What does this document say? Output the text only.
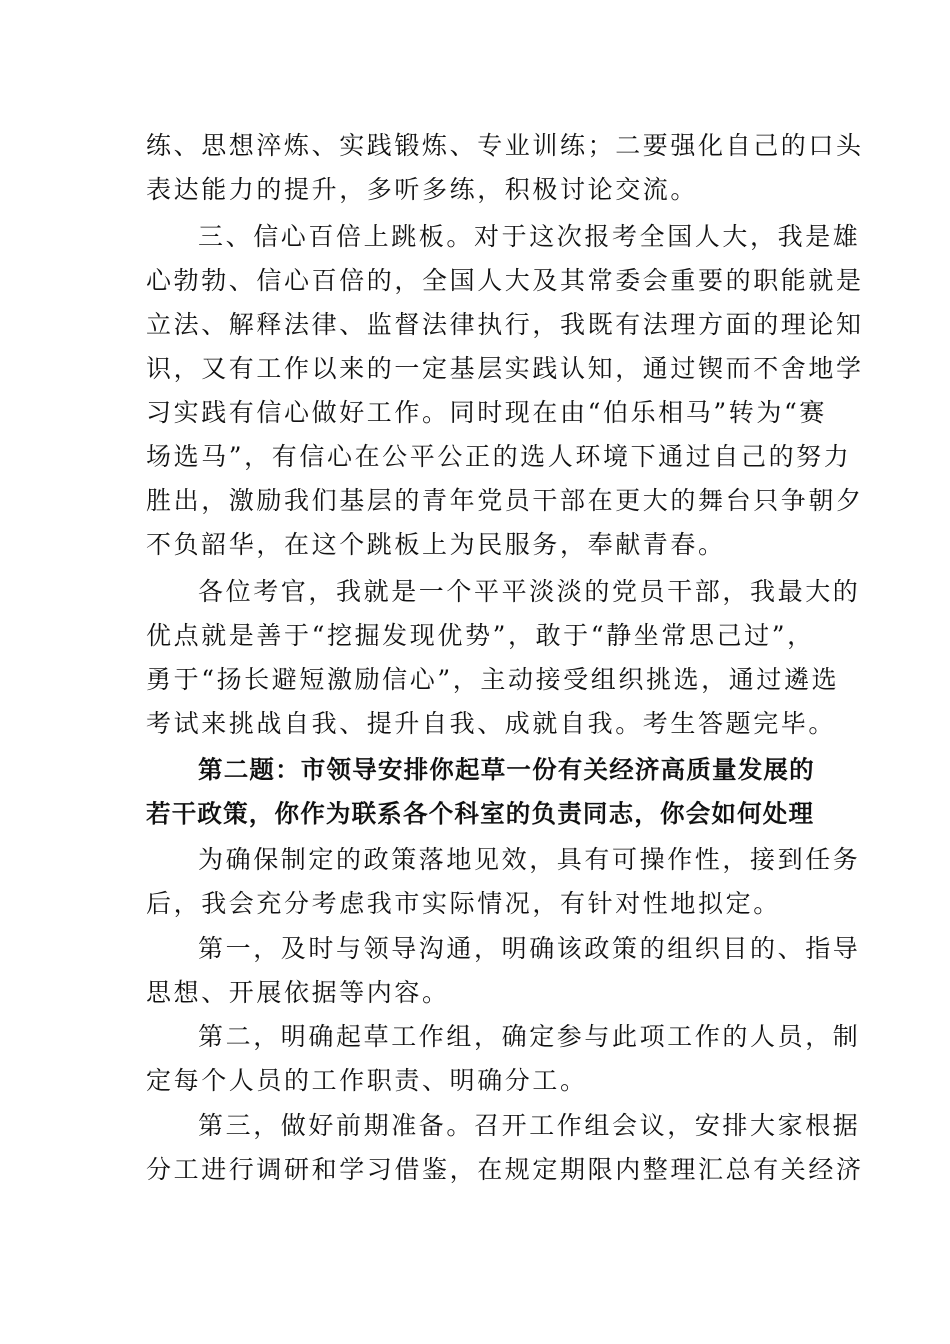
练、思想淬炼、实践锻炼、专业训练；二要强化自己的口头
表达能力的提升，多听多练，积极讨论交流。
三、信心百倍上跳板。对于这次报考全国人大，我是雄
心勃勃、信心百倍的，全国人大及其常委会重要的职能就是
立法、解释法律、监督法律执行，我既有法理方面的理论知
识，又有工作以来的一定基层实践认知，通过锲而不舍地学
习实践有信心做好工作。同时现在由“伯乐相马”转为“赛
场选马”，有信心在公平公正的选人环境下通过自己的努力
胜出，激励我们基层的青年党员干部在更大的舞台只争朝夕
不负韶华，在这个跳板上为民服务，奉献青春。
各位考官，我就是一个平平淡淡的党员干部，我最大的
优点就是善于“挖掘发现优势”，敢于“静坐常思己过”，
勇于“扬长避短激励信心”，主动接受组织挑选，通过遴选
考试来挑战自我、提升自我、成就自我。考生答题完毕。
第二题：市领导安排你起草一份有关经济高质量发展的
若干政策，你作为联系各个科室的负责同志，你会如何处理
为确保制定的政策落地见效，具有可操作性，接到任务
后，我会充分考虑我市实际情况，有针对性地拟定。
第一，及时与领导沟通，明确该政策的组织目的、指导
思想、开展依据等内容。
第二，明确起草工作组，确定参与此项工作的人员，制
定每个人员的工作职责、明确分工。
第三，做好前期准备。召开工作组会议，安排大家根据
分工进行调研和学习借鉴，在规定期限内整理汇总有关经济
